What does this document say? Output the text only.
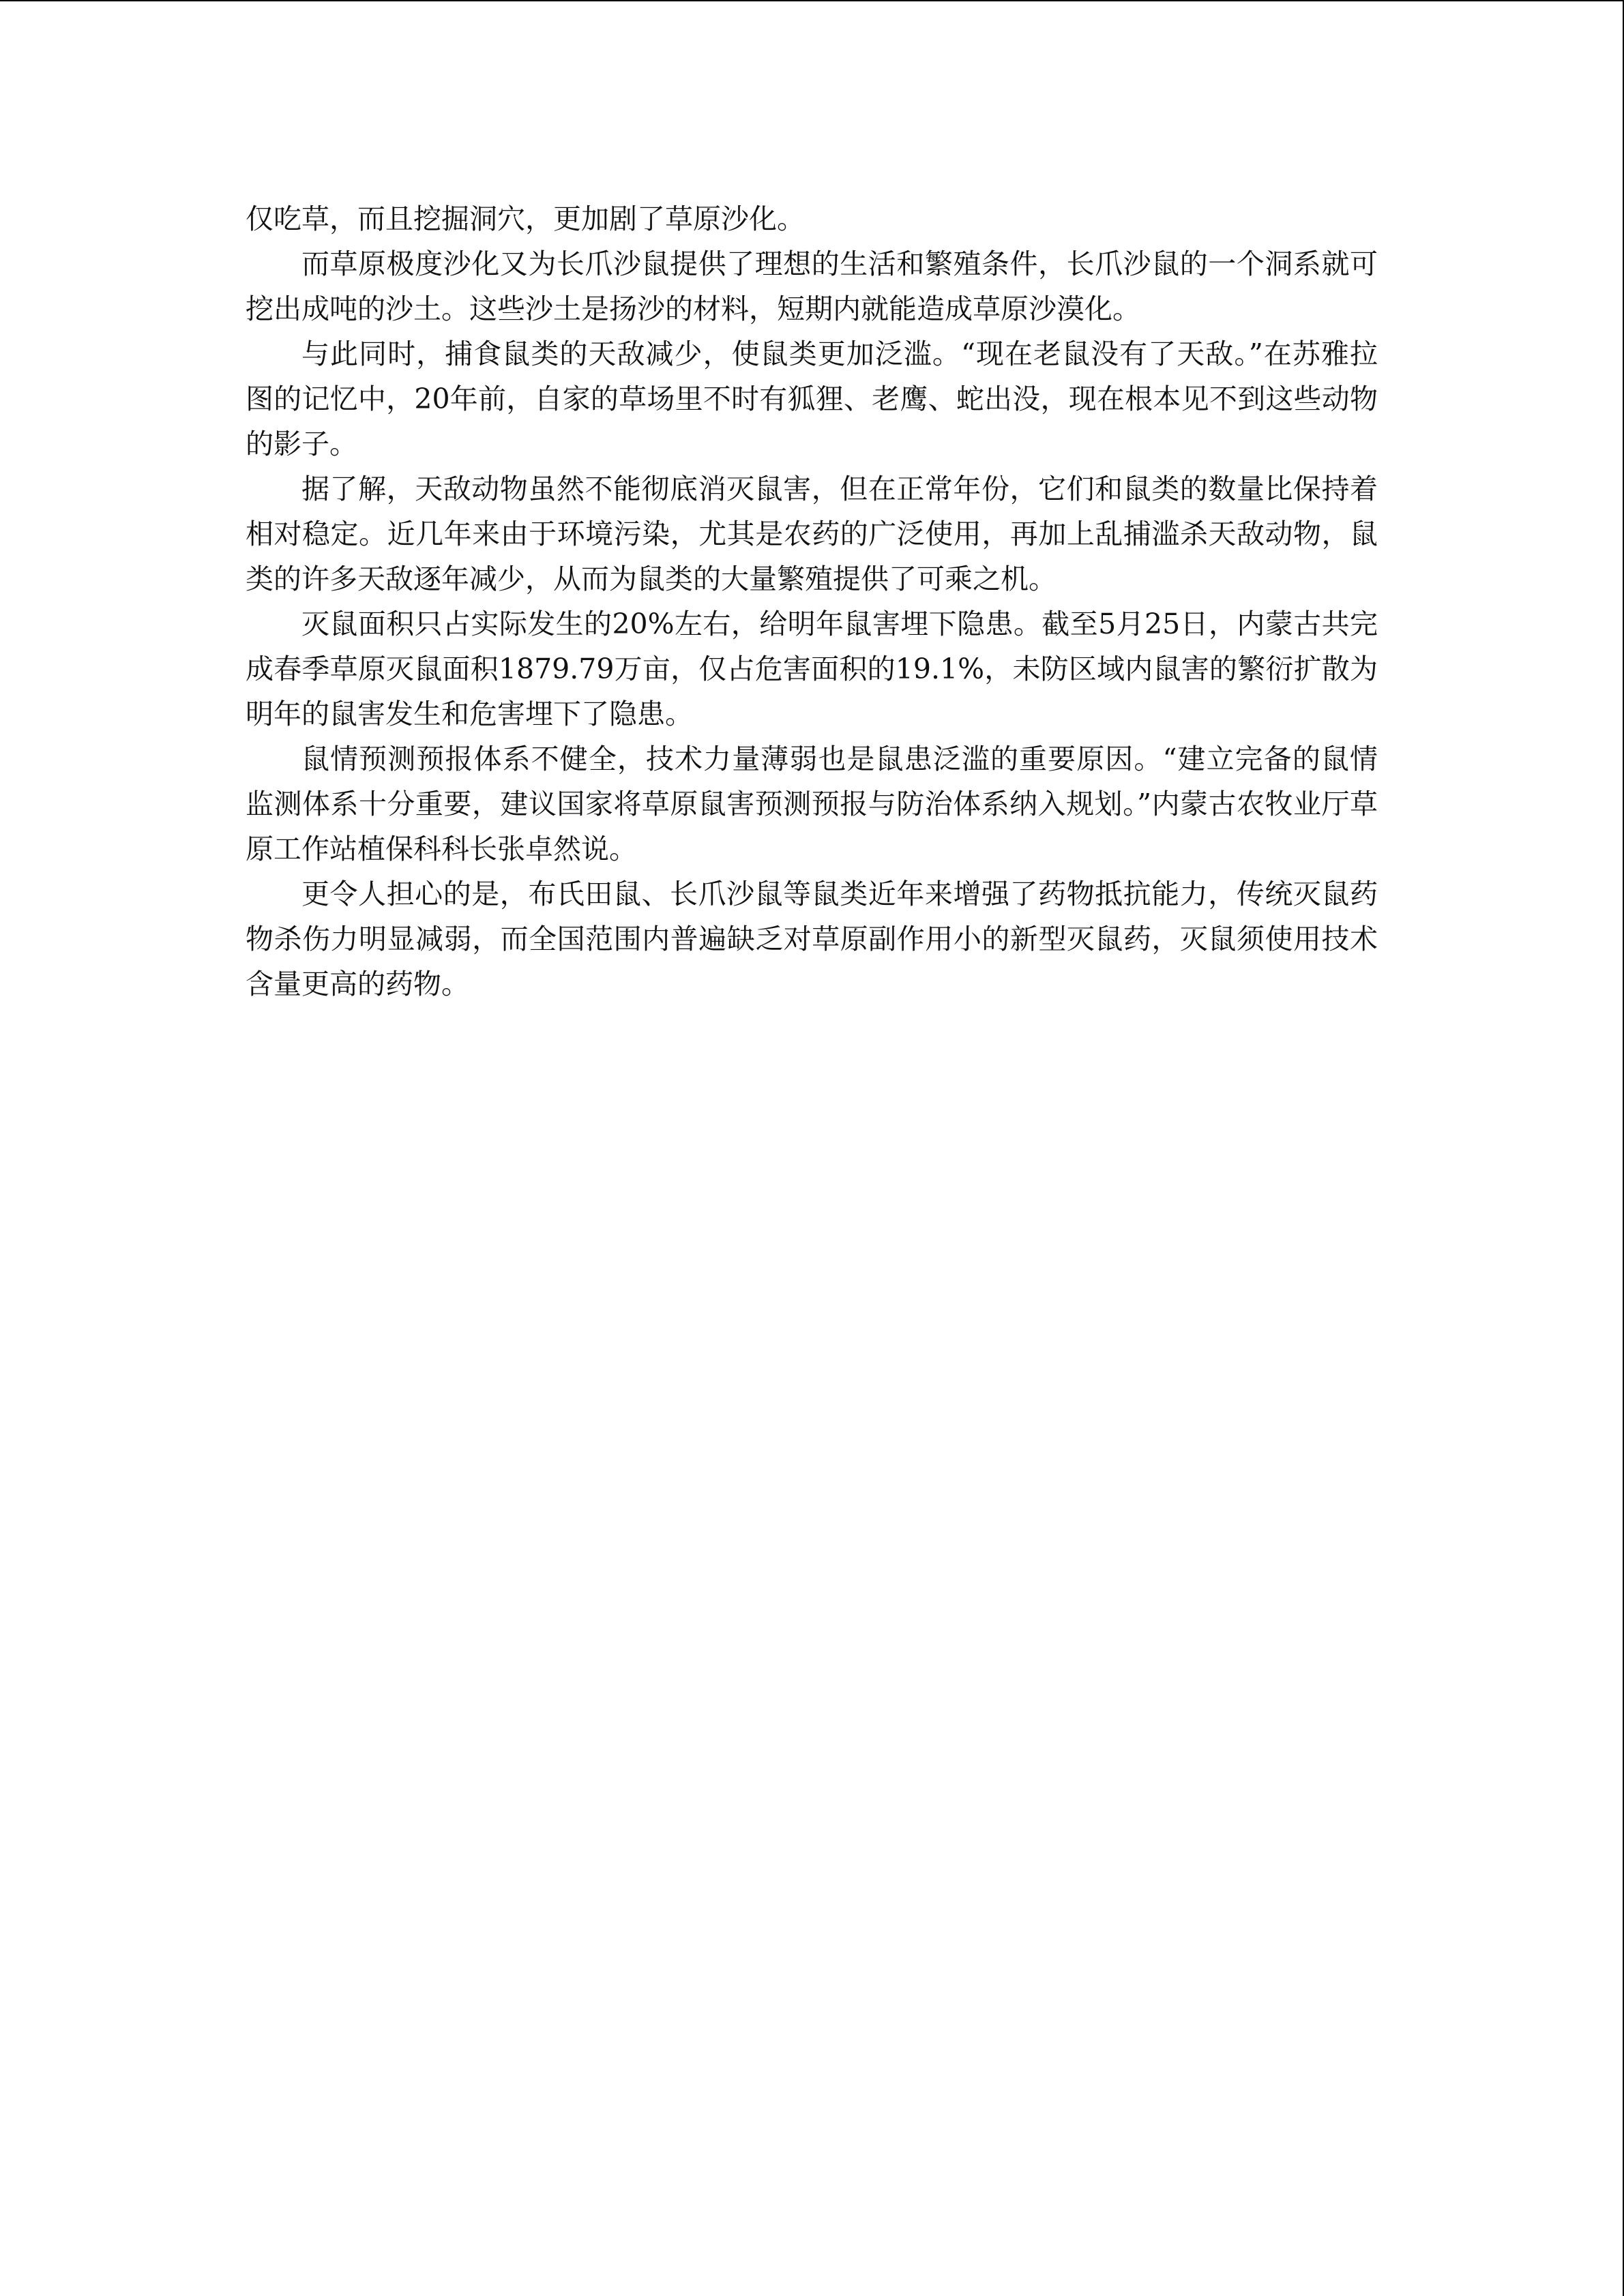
仅吃草，而且挖掘洞穴，更加剧了草原沙化。

而草原极度沙化又为长爪沙鼠提供了理想的生活和繁殖条件，长爪沙鼠的一个洞系就可挖出成吨的沙土。这些沙土是扬沙的材料，短期内就能造成草原沙漠化。

与此同时，捕食鼠类的天敌减少，使鼠类更加泛滥。“现在老鼠没有了天敌。”在苏雅拉图的记忆中，20年前，自家的草场里不时有狐狸、老鹰、蛇出没，现在根本见不到这些动物的影子。

据了解，天敌动物虽然不能彻底消灭鼠害，但在正常年份，它们和鼠类的数量比保持着相对稳定。近几年来由于环境污染，尤其是农药的广泛使用，再加上乱捕滥杀天敌动物，鼠类的许多天敌逐年减少，从而为鼠类的大量繁殖提供了可乘之机。

灭鼠面积只占实际发生的20%左右，给明年鼠害埋下隐患。截至5月25日，内蒙古共完成春季草原灭鼠面积1879.79万亩，仅占危害面积的19.1%，未防区域内鼠害的繁衍扩散为明年的鼠害发生和危害埋下了隐患。

鼠情预测预报体系不健全，技术力量薄弱也是鼠患泛滥的重要原因。“建立完备的鼠情监测体系十分重要，建议国家将草原鼠害预测预报与防治体系纳入规划。”内蒙古农牧业厅草原工作站植保科科长张卓然说。

更令人担心的是，布氏田鼠、长爪沙鼠等鼠类近年来增强了药物抵抗能力，传统灭鼠药物杀伤力明显减弱，而全国范围内普遍缺乏对草原副作用小的新型灭鼠药，灭鼠须使用技术含量更高的药物。
